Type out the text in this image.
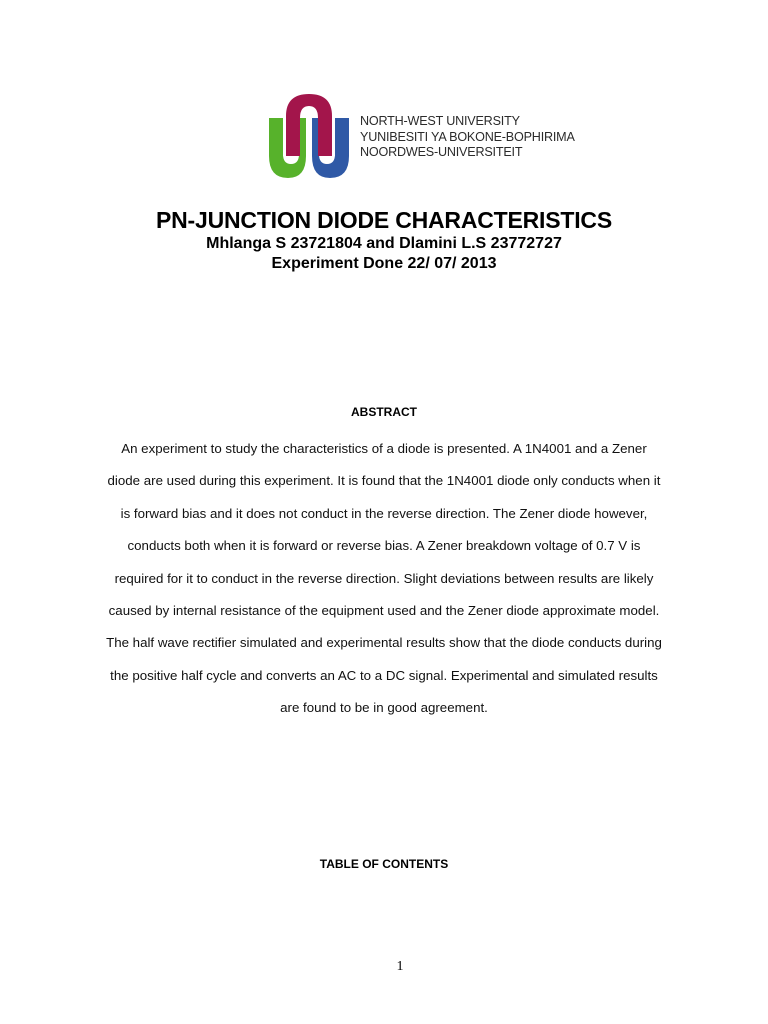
NORTH-WEST UNIVERSITY
YUNIBESITI YA BOKONE-BOPHIRIMA
NOORDWES-UNIVERSITEIT
PN-JUNCTION DIODE CHARACTERISTICS

Mhlanga S 23721804 and Dlamini L.S 23772727

Experiment Done 22/ 07/ 2013

ABSTRACT
An experiment to study the characteristics of a diode is presented. A 1N4001 and a Zener
diode are used during this experiment. It is found that the 1N4001 diode only conducts when it
is forward bias and it does not conduct in the reverse direction. The Zener diode however,
conducts both when it is forward or reverse bias. A Zener breakdown voltage of 0.7 V is
required for it to conduct in the reverse direction. Slight deviations between results are likely
caused by internal resistance of the equipment used and the Zener diode approximate model.
The half wave rectifier simulated and experimental results show that the diode conducts during
the positive half cycle and converts an AC to a DC signal. Experimental and simulated results
are found to be in good agreement.
TABLE OF CONTENTS
1
